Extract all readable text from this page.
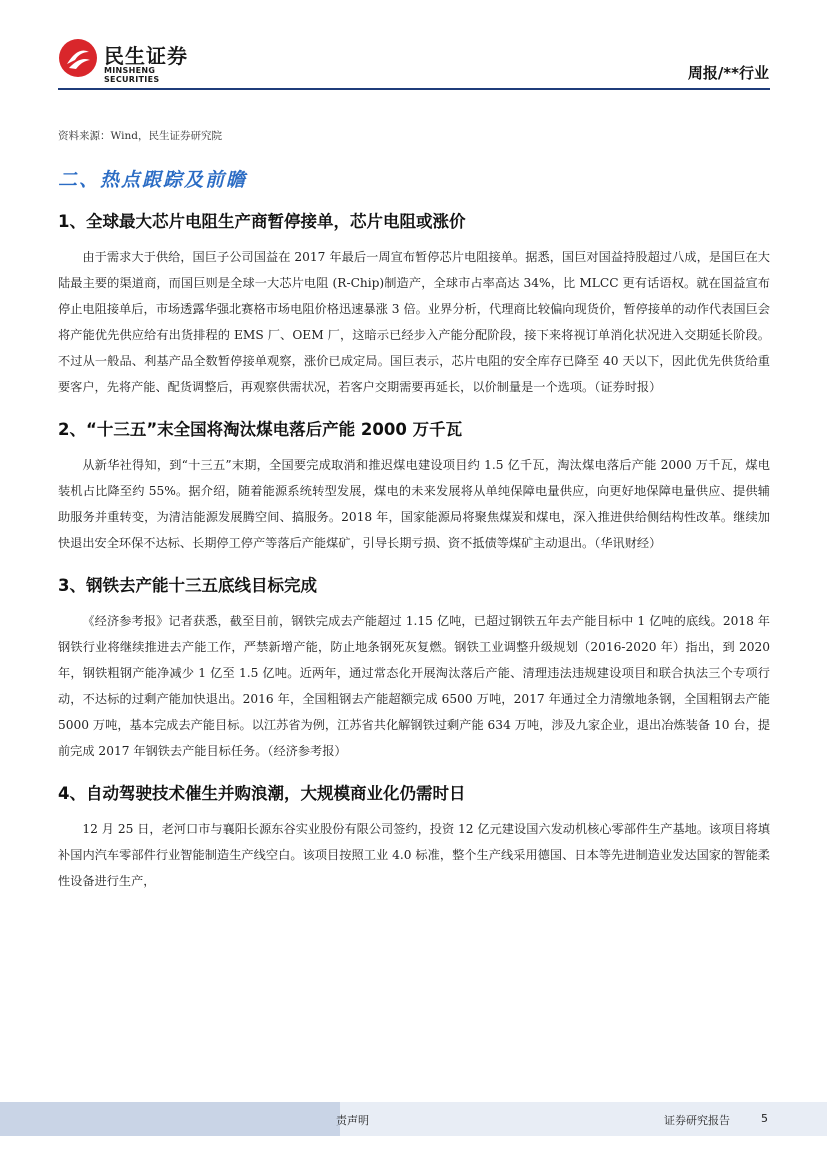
民生证券
MINSHENG SECURITIES	周报/**行业

资料来源：Wind，民生证券研究院

二、热点跟踪及前瞻
1、全球最大芯片电阻生产商暂停接单，芯片电阻或涨价

由于需求大于供给，国巨子公司国益在 2017 年最后一周宣布暂停芯片电阻接单。据悉，国巨对国益持股超过八成，是国巨在大陆最主要的渠道商，而国巨则是全球一大芯片电阻 (R-Chip)制造产，全球市占率高达 34%，比 MLCC 更有话语权。就在国益宣布停止电阻接单后，市场透露华强北赛格市场电阻价格迅速暴涨 3 倍。业界分析，代理商比较偏向现货价，暂停接单的动作代表国巨会将产能优先供应给有出货排程的 EMS 厂、OEM 厂，这暗示已经步入产能分配阶段，接下来将视订单消化状况进入交期延长阶段。不过从一般品、利基产品全数暂停接单观察，涨价已成定局。国巨表示，芯片电阻的安全库存已降至 40 天以下，因此优先供货给重要客户，先将产能、配货调整后，再观察供需状况，若客户交期需要再延长，以价制量是一个选项。（证券时报）

2、“十三五”末全国将淘汰煤电落后产能 2000 万千瓦

从新华社得知，到“十三五”末期，全国要完成取消和推迟煤电建设项目约 1.5 亿千瓦，淘汰煤电落后产能 2000 万千瓦，煤电装机占比降至约 55%。据介绍，随着能源系统转型发展，煤电的未来发展将从单纯保障电量供应，向更好地保障电量供应、提供辅助服务并重转变，为清洁能源发展腾空间、搞服务。2018 年，国家能源局将聚焦煤炭和煤电，深入推进供给侧结构性改革。继续加快退出安全环保不达标、长期停工停产等落后产能煤矿，引导长期亏损、资不抵债等煤矿主动退出。（华讯财经）

3、钢铁去产能十三五底线目标完成

《经济参考报》记者获悉，截至目前，钢铁完成去产能超过 1.15 亿吨，已超过钢铁五年去产能目标中 1 亿吨的底线。2018 年钢铁行业将继续推进去产能工作，严禁新增产能，防止地条钢死灰复燃。钢铁工业调整升级规划（2016-2020 年）指出，到 2020 年，钢铁粗钢产能净减少 1 亿至 1.5 亿吨。近两年，通过常态化开展淘汰落后产能、清理违法违规建设项目和联合执法三个专项行动，不达标的过剩产能加快退出。2016 年，全国粗钢去产能超额完成 6500 万吨，2017 年通过全力清缴地条钢，全国粗钢去产能 5000 万吨，基本完成去产能目标。以江苏省为例，江苏省共化解钢铁过剩产能 634 万吨，涉及九家企业，退出冶炼装备 10 台，提前完成 2017 年钢铁去产能目标任务。（经济参考报）

4、自动驾驶技术催生并购浪潮，大规模商业化仍需时日

12 月 25 日，老河口市与襄阳长源东谷实业股份有限公司签约，投资 12 亿元建设国六发动机核心零部件生产基地。该项目将填补国内汽车零部件行业智能制造生产线空白。该项目按照工业 4.0 标准，整个生产线采用德国、日本等先进制造业发达国家的智能柔性设备进行生产，

责声明	证券研究报告	5
